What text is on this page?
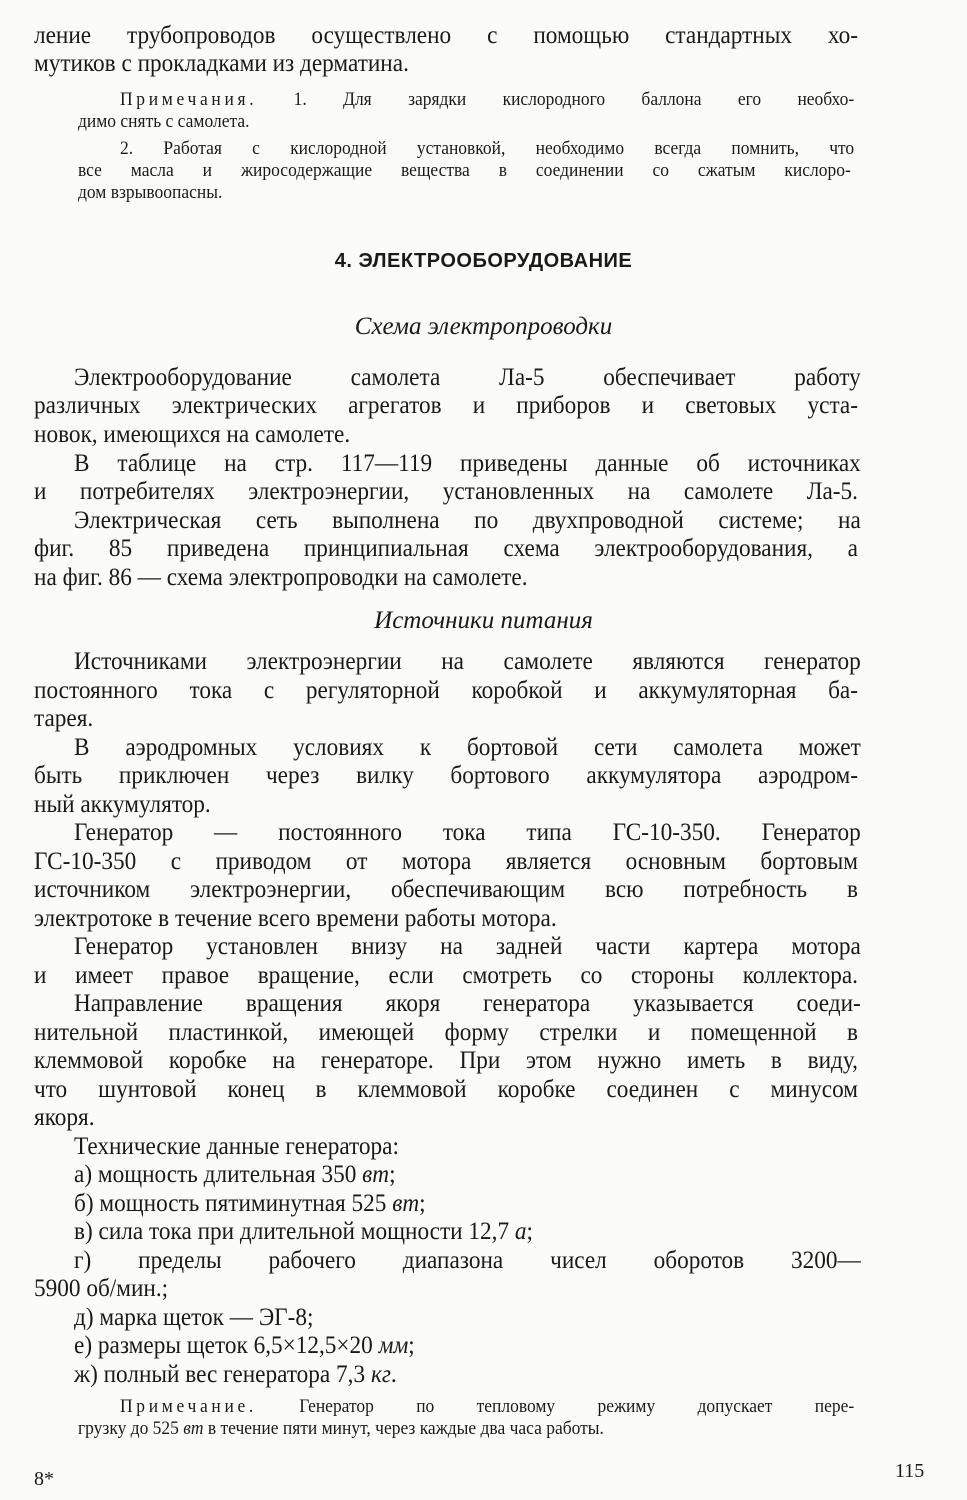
ление трубопроводов осуществлено с помощью стандартных хо-
мутиков с прокладками из дерматина.
Примечания. 1. Для зарядки кислородного баллона его необхо-
димо снять с самолета.
2. Работая с кислородной установкой, необходимо всегда помнить, что
все масла и жиросодержащие вещества в соединении со сжатым кислоро-
дом взрывоопасны.
4. ЭЛЕКТРООБОРУДОВАНИЕ
Схема электропроводки
Электрооборудование самолета Ла-5 обеспечивает работу
различных электрических агрегатов и приборов и световых уста-
новок, имеющихся на самолете.
В таблице на стр. 117—119 приведены данные об источниках
и потребителях электроэнергии, установленных на самолете Ла-5.
Электрическая сеть выполнена по двухпроводной системе; на
фиг. 85 приведена принципиальная схема электрооборудования, а
на фиг. 86 — схема электропроводки на самолете.
Источники питания
Источниками электроэнергии на самолете являются генератор
постоянного тока с регуляторной коробкой и аккумуляторная ба-
тарея.
В аэродромных условиях к бортовой сети самолета может
быть приключен через вилку бортового аккумулятора аэродром-
ный аккумулятор.
Генератор — постоянного тока типа ГС-10-350. Генератор
ГС-10-350 с приводом от мотора является основным бортовым
источником электроэнергии, обеспечивающим всю потребность в
электротоке в течение всего времени работы мотора.
Генератор установлен внизу на задней части картера мотора
и имеет правое вращение, если смотреть со стороны коллектора.
Направление вращения якоря генератора указывается соеди-
нительной пластинкой, имеющей форму стрелки и помещенной в
клеммовой коробке на генераторе. При этом нужно иметь в виду,
что шунтовой конец в клеммовой коробке соединен с минусом
якоря.
Технические данные генератора:
а) мощность длительная 350 вт;
б) мощность пятиминутная 525 вт;
в) сила тока при длительной мощности 12,7 а;
г) пределы рабочего диапазона чисел оборотов 3200—
5900 об/мин.;
д) марка щеток — ЭГ-8;
е) размеры щеток 6,5×12,5×20 мм;
ж) полный вес генератора 7,3 кг.
Примечание. Генератор по тепловому режиму допускает пере-
грузку до 525 вт в течение пяти минут, через каждые два часа работы.
8*	115
